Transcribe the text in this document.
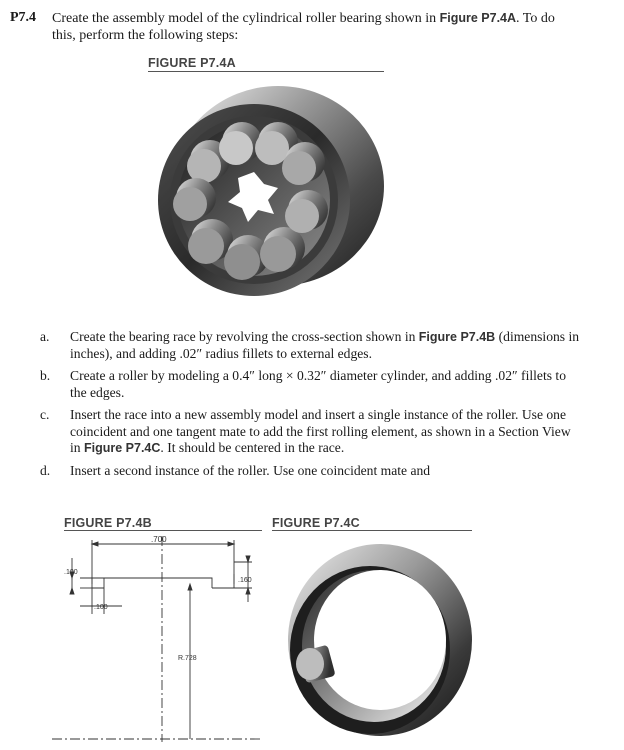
P7.4 Create the assembly model of the cylindrical roller bearing shown in Figure P7.4A. To do this, perform the following steps:
FIGURE P7.4A
a.	Create the bearing race by revolving the cross-section shown in Figure P7.4B (dimensions in inches), and adding .02″ radius fillets to external edges.
b.	Create a roller by modeling a 0.4″ long × 0.32″ diameter cylinder, and adding .02″ fillets to the edges.
c.	Insert the race into a new assembly model and insert a single instance of the roller. Use one coincident and one tangent mate to add the first rolling element, as shown in a Section View in Figure P7.4C. It should be centered in the race.
d.	Insert a second instance of the roller. Use one coincident mate and
FIGURE P7.4B
.700
.100
.160
.100
R.728
FIGURE P7.4C
